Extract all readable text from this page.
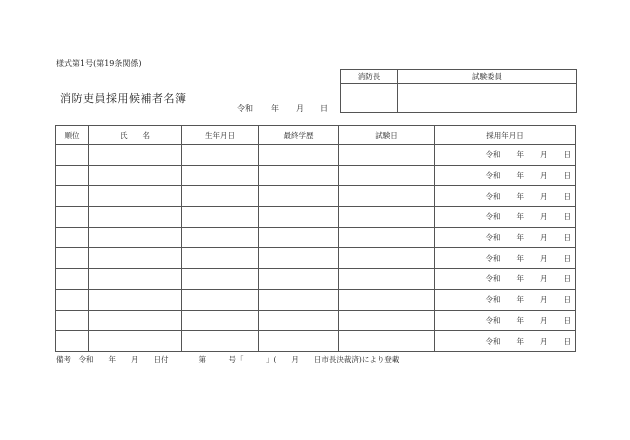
様式第1号(第19条関係)
消防吏員採用候補者名簿
令和 年 月 日
消防長	試験委員

順位	氏　　名	生年月日	最終学歴	試験日	採用年月日
					令和 年 月 日
					令和 年 月 日
					令和 年 月 日
					令和 年 月 日
					令和 年 月 日
					令和 年 月 日
					令和 年 月 日
					令和 年 月 日
					令和 年 月 日
					令和 年 月 日
備考　令和　　年　　月　　日付　　　　第　　　号「　　　」(　　月　　日市長決裁済)により登載
